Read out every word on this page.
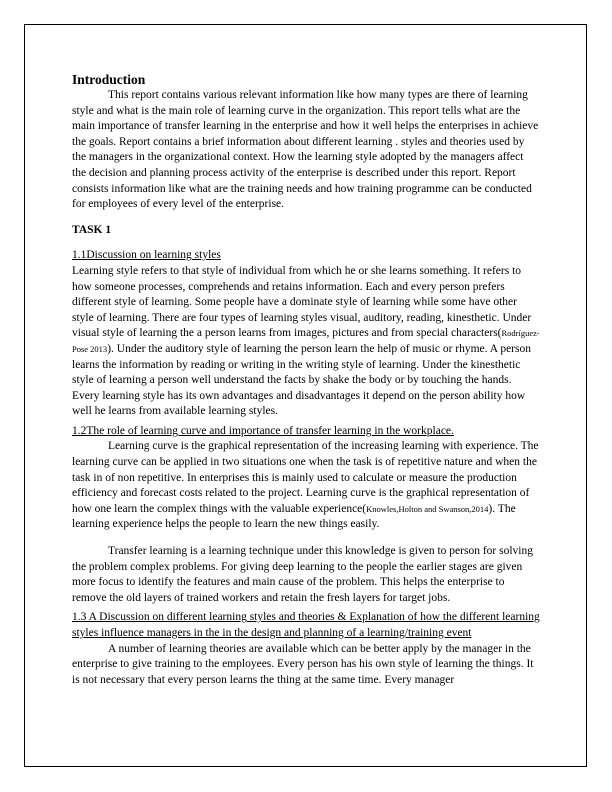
Introduction

This report contains various relevant information like how many types are there of learning style and what is the main role of learning curve in the organization. This report tells what are the main importance of transfer learning in the enterprise and how it well helps the enterprises in achieve the goals. Report contains a brief information about different learning . styles and theories used by the managers in the organizational context. How the learning style adopted by the managers affect the decision and planning process activity of the enterprise is described under this report. Report consists information like what are the training needs and how training programme can be conducted for employees of every level of the enterprise.

TASK 1

1.1Discussion on learning styles

Learning style refers to that style of individual from which he or she learns something. It refers to how someone processes, comprehends and retains information. Each and every person prefers different style of learning. Some people have a dominate style of learning while some have other style of learning. There are four types of learning styles visual, auditory, reading, kinesthetic. Under visual style of learning the a person learns from images, pictures and from special characters(Rodríguez-Pose 2013). Under the auditory style of learning the person learn the help of music or rhyme. A person learns the information by reading or writing in the writing style of learning. Under the kinesthetic style of learning a person well understand the facts by shake the body or by touching the hands. Every learning style has its own advantages and disadvantages it depend on the person ability how well he learns from available learning styles.

1.2The role of learning curve and importance of transfer learning in the workplace.

Learning curve is the graphical representation of the increasing learning with experience. The learning curve can be applied in two situations one when the task is of repetitive nature and when the task in of non repetitive. In enterprises this is mainly used to calculate or measure the production efficiency and forecast costs related to the project. Learning curve is the graphical representation of how one learn the complex things with the valuable experience(Knowles,Holton and Swanson,2014). The learning experience helps the people to learn the new things easily.

Transfer learning is a learning technique under this knowledge is given to person for solving the problem complex problems. For giving deep learning to the people the earlier stages are given more focus to identify the features and main cause of the problem. This helps the enterprise to remove the old layers of trained workers and retain the fresh layers for target jobs.

1.3 A Discussion on different learning styles and theories & Explanation of how the different learning styles influence managers in the in the design and planning of a learning/training event

A number of learning theories are available which can be better apply by the manager in the enterprise to give training to the employees. Every person has his own style of learning the things. It is not necessary that every person learns the thing at the same time. Every manager
